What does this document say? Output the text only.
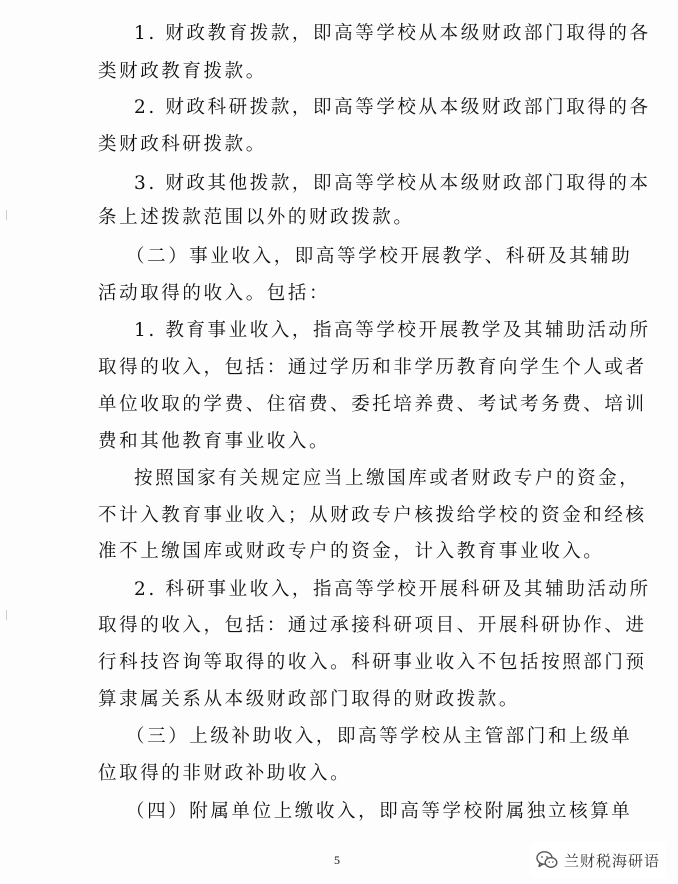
1. 财政教育拨款，即高等学校从本级财政部门取得的各
类财政教育拨款。
2. 财政科研拨款，即高等学校从本级财政部门取得的各
类财政科研拨款。
3. 财政其他拨款，即高等学校从本级财政部门取得的本
条上述拨款范围以外的财政拨款。
（二）事业收入，即高等学校开展教学、科研及其辅助
活动取得的收入。包括：
1. 教育事业收入，指高等学校开展教学及其辅助活动所
取得的收入，包括：通过学历和非学历教育向学生个人或者
单位收取的学费、住宿费、委托培养费、考试考务费、培训
费和其他教育事业收入。
按照国家有关规定应当上缴国库或者财政专户的资金，
不计入教育事业收入；从财政专户核拨给学校的资金和经核
准不上缴国库或财政专户的资金，计入教育事业收入。
2. 科研事业收入，指高等学校开展科研及其辅助活动所
取得的收入，包括：通过承接科研项目、开展科研协作、进
行科技咨询等取得的收入。科研事业收入不包括按照部门预
算隶属关系从本级财政部门取得的财政拨款。
（三）上级补助收入，即高等学校从主管部门和上级单
位取得的非财政补助收入。
（四）附属单位上缴收入，即高等学校附属独立核算单
5	兰财税海研语
